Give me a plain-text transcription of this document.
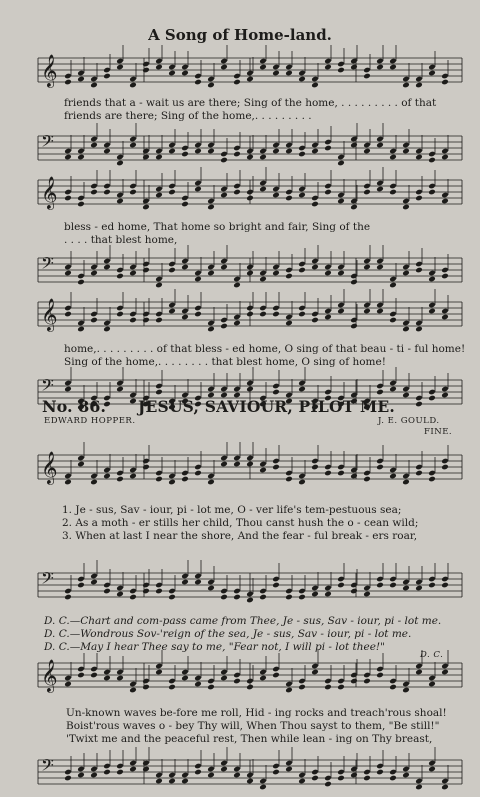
A Song of Home-land.
𝄞
𝄢
𝄞
𝄢
𝄞
𝄢
𝄞
𝄢
𝄞
𝄢
friends that a - wait us are there; Sing of the home, . . . . . . . . . of that
friends are there; Sing of the home,. . . . . . . . .
bless - ed home, That home so bright and fair, Sing of the
. . . . that blest home,
home,. . . . . . . . . of that bless - ed home, O sing of that beau - ti - ful home!
Sing of the home,. . . . . . . . that blest home, O sing of home!
No. 86. JESUS, SAVIOUR, PILOT ME.
EDWARD HOPPER.	J. E. GOULD.
FINE.
1. Je - sus, Sav - iour, pi - lot me, O - ver life's tem-pestuous sea;
2. As a moth - er stills her child, Thou canst hush the o - cean wild;
3. When at last I near the shore, And the fear - ful break - ers roar,
D. C.—Chart and com-pass came from Thee, Je - sus, Sav - iour, pi - lot me.
D. C.—Wondrous Sov-'reign of the sea, Je - sus, Sav - iour, pi - lot me.
D. C.—May I hear Thee say to me, "Fear not, I will pi - lot thee!"
D. C.
Un-known waves be-fore me roll, Hid - ing rocks and treach'rous shoal!
Boist'rous waves o - bey Thy will, When Thou sayst to them, "Be still!"
'Twixt me and the peaceful rest, Then while lean - ing on Thy breast,
